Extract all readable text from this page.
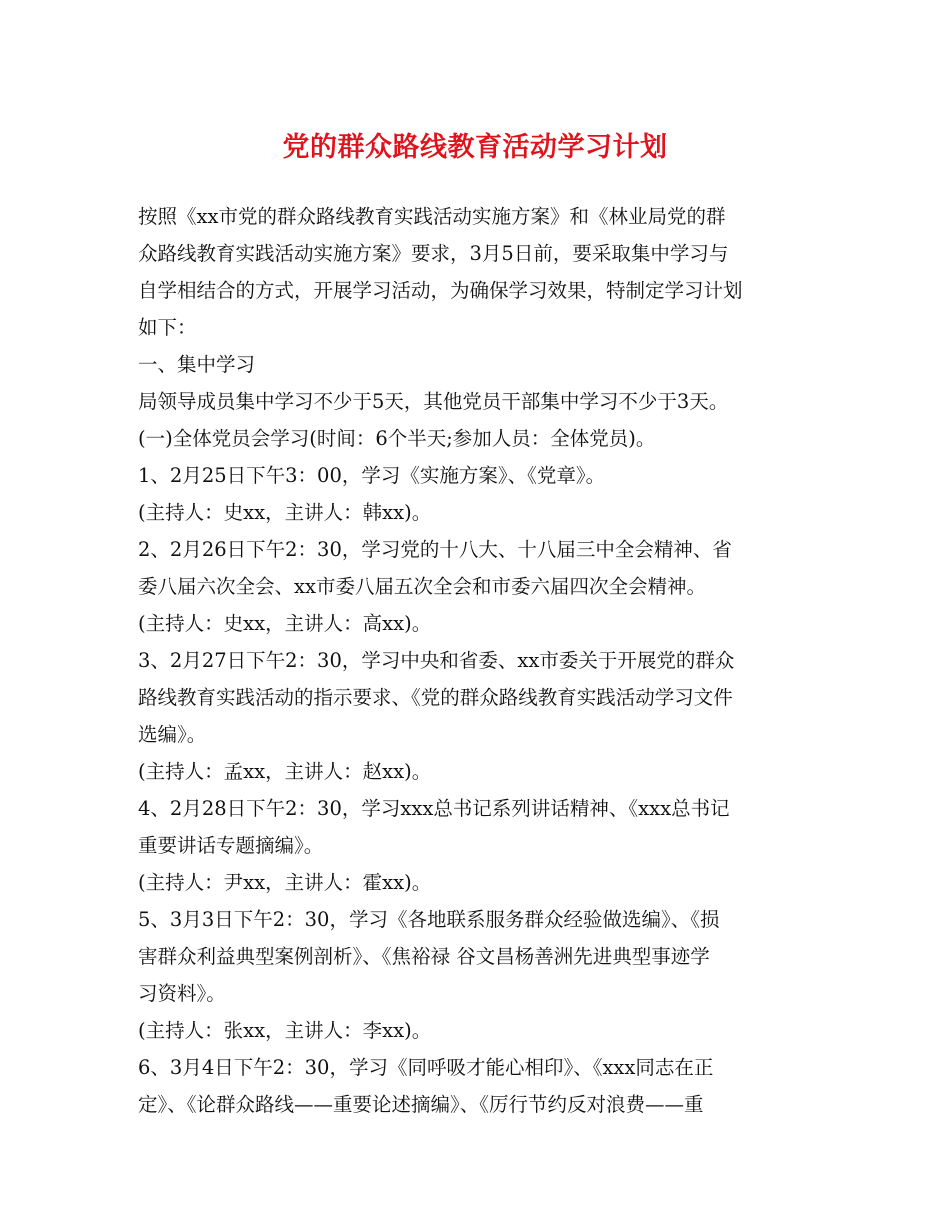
党的群众路线教育活动学习计划
按照《xx市党的群众路线教育实践活动实施方案》和《林业局党的群
众路线教育实践活动实施方案》要求，3月5日前，要采取集中学习与
自学相结合的方式，开展学习活动，为确保学习效果，特制定学习计划
如下：
一、集中学习
局领导成员集中学习不少于5天，其他党员干部集中学习不少于3天。
(一)全体党员会学习(时间：6个半天;参加人员：全体党员)。
1、2月25日下午3：00，学习《实施方案》、《党章》。
(主持人：史xx，主讲人：韩xx)。
2、2月26日下午2：30，学习党的十八大、十八届三中全会精神、省
委八届六次全会、xx市委八届五次全会和市委六届四次全会精神。
(主持人：史xx，主讲人：高xx)。
3、2月27日下午2：30，学习中央和省委、xx市委关于开展党的群众
路线教育实践活动的指示要求、《党的群众路线教育实践活动学习文件
选编》。
(主持人：孟xx，主讲人：赵xx)。
4、2月28日下午2：30，学习xxx总书记系列讲话精神、《xxx总书记
重要讲话专题摘编》。
(主持人：尹xx，主讲人：霍xx)。
5、3月3日下午2：30，学习《各地联系服务群众经验做选编》、《损
害群众利益典型案例剖析》、《焦裕禄 谷文昌杨善洲先进典型事迹学
习资料》。
(主持人：张xx，主讲人：李xx)。
6、3月4日下午2：30，学习《同呼吸才能心相印》、《xxx同志在正
定》、《论群众路线——重要论述摘编》、《厉行节约反对浪费——重
